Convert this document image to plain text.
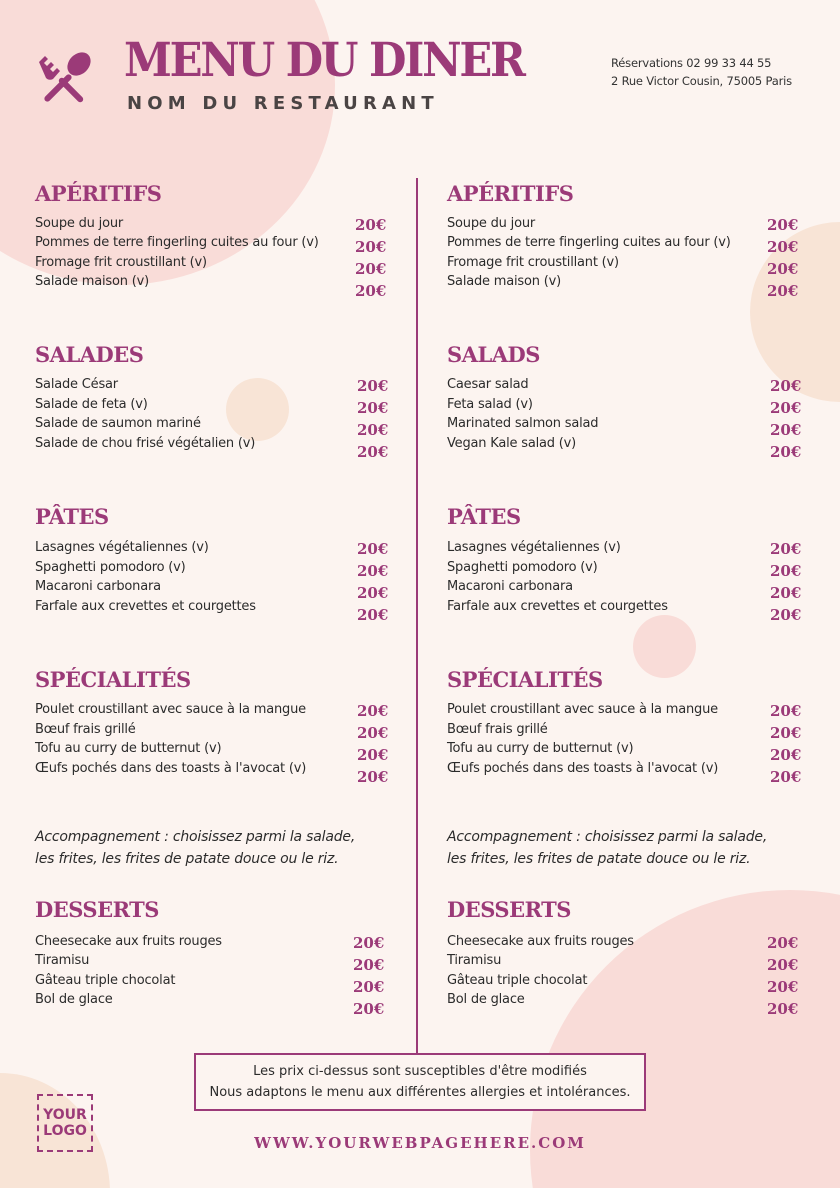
MENU DU DINER
NOM DU RESTAURANT
Réservations 02 99 33 44 55
2 Rue Victor Cousin, 75005 Paris
APÉRITIFS
Soupe du jour
Pommes de terre fingerling cuites au four (v)
Fromage frit croustillant (v)
Salade maison (v)
20€
20€
20€
20€
SALADES
Salade César
Salade de feta (v)
Salade de saumon mariné
Salade de chou frisé végétalien (v)
20€
20€
20€
20€
PÂTES
Lasagnes végétaliennes (v)
Spaghetti pomodoro (v)
Macaroni carbonara
Farfale aux crevettes et courgettes
20€
20€
20€
20€
SPÉCIALITÉS
Poulet croustillant avec sauce à la mangue
Bœuf frais grillé
Tofu au curry de butternut (v)
Œufs pochés dans des toasts à l'avocat (v)
20€
20€
20€
20€
Accompagnement : choisissez parmi la salade,
les frites, les frites de patate douce ou le riz.
DESSERTS
Cheesecake aux fruits rouges
Tiramisu
Gâteau triple chocolat
Bol de glace
20€
20€
20€
20€
APÉRITIFS
Soupe du jour
Pommes de terre fingerling cuites au four (v)
Fromage frit croustillant (v)
Salade maison (v)
20€
20€
20€
20€
SALADS
Caesar salad
Feta salad (v)
Marinated salmon salad
Vegan Kale salad (v)
20€
20€
20€
20€
PÂTES
Lasagnes végétaliennes (v)
Spaghetti pomodoro (v)
Macaroni carbonara
Farfale aux crevettes et courgettes
20€
20€
20€
20€
SPÉCIALITÉS
Poulet croustillant avec sauce à la mangue
Bœuf frais grillé
Tofu au curry de butternut (v)
Œufs pochés dans des toasts à l'avocat (v)
20€
20€
20€
20€
Accompagnement : choisissez parmi la salade,
les frites, les frites de patate douce ou le riz.
DESSERTS
Cheesecake aux fruits rouges
Tiramisu
Gâteau triple chocolat
Bol de glace
20€
20€
20€
20€
Les prix ci-dessus sont susceptibles d'être modifiés
Nous adaptons le menu aux différentes allergies et intolérances.
YOUR
LOGO
WWW.YOURWEBPAGEHERE.COM
